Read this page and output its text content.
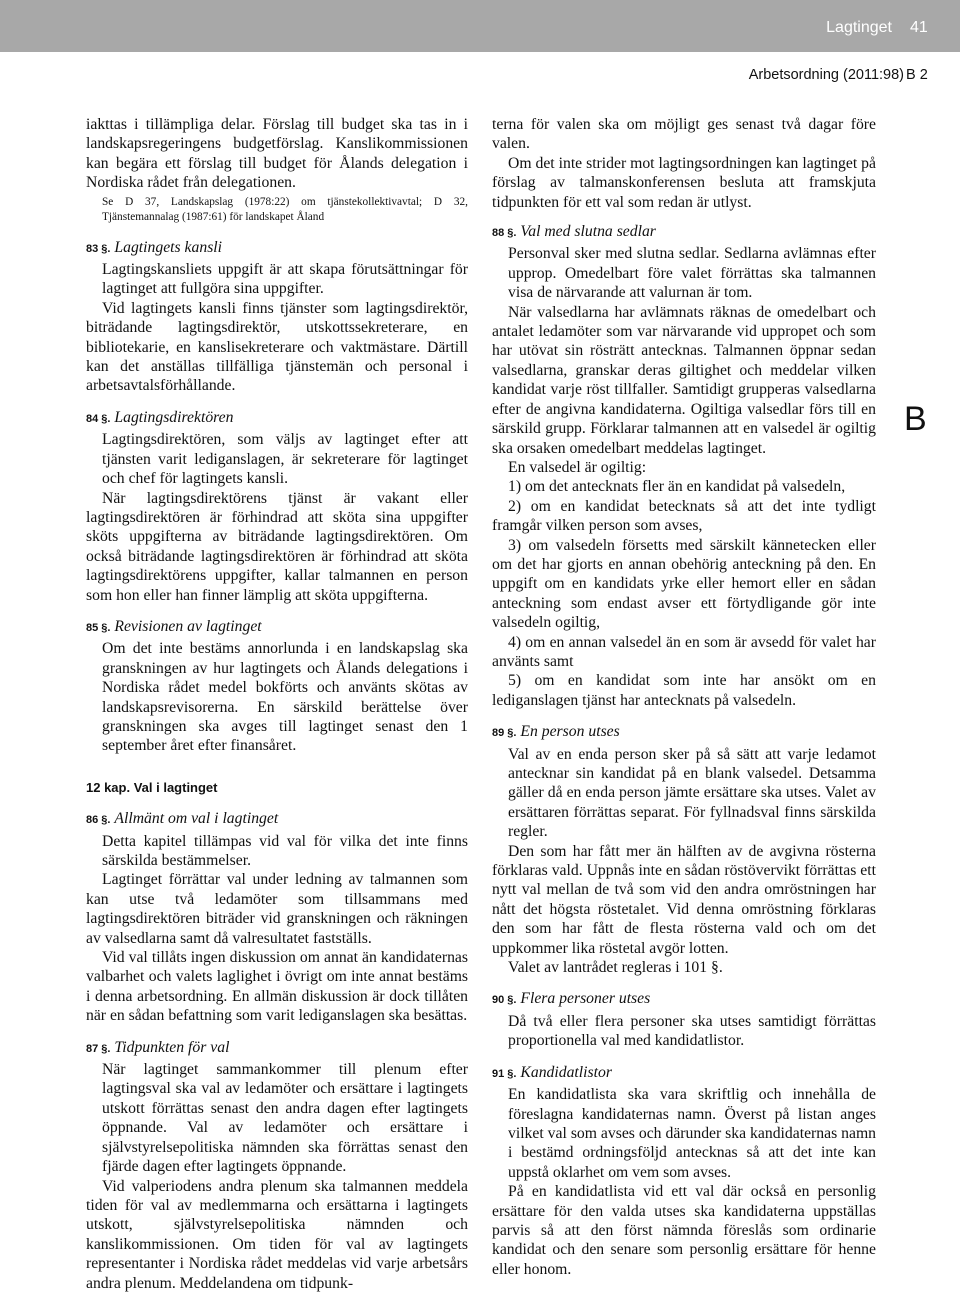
Lagtinget 41
Arbetsordning (2011:98) B 2
B

iakttas i tillämpliga delar. Förslag till budget ska tas in i landskapsregeringens budgetförslag. Kanslikommissionen kan begära ett förslag till budget för Ålands delegation i Nordiska rådet från delegationen.

Se D 37, Landskapslag (1978:22) om tjänstekollektivavtal; D 32, Tjänstemannalag (1987:61) för landskapet Åland

83 §. Lagtingets kansli

Lagtingskansliets uppgift är att skapa förutsättningar för lagtinget att fullgöra sina uppgifter.

Vid lagtingets kansli finns tjänster som lagtingsdirektör, biträdande lagtingsdirektör, utskottssekreterare, en bibliotekarie, en kanslisekreterare och vaktmästare. Därtill kan det anställas tillfälliga tjänstemän och personal i arbetsavtalsförhållande.

84 §. Lagtingsdirektören

Lagtingsdirektören, som väljs av lagtinget efter att tjänsten varit lediganslagen, är sekreterare för lagtinget och chef för lagtingets kansli.

När lagtingsdirektörens tjänst är vakant eller lagtingsdirektören är förhindrad att sköta sina uppgifter sköts uppgifterna av biträdande lagtingsdirektören. Om också biträdande lagtingsdirektören är förhindrad att sköta lagtingsdirektörens uppgifter, kallar talmannen en person som hon eller han finner lämplig att sköta uppgifterna.

85 §. Revisionen av lagtinget

Om det inte bestäms annorlunda i en landskapslag ska granskningen av hur lagtingets och Ålands delegations i Nordiska rådet medel bokförts och använts skötas av landskapsrevisorerna. En särskild berättelse över granskningen ska avges till lagtinget senast den 1 september året efter finansåret.

12 kap. Val i lagtinget
86 §. Allmänt om val i lagtinget

Detta kapitel tillämpas vid val för vilka det inte finns särskilda bestämmelser.

Lagtinget förrättar val under ledning av talmannen som kan utse två ledamöter som tillsammans med lagtingsdirektören biträder vid granskningen och räkningen av valsedlarna samt då valresultatet fastställs.

Vid val tillåts ingen diskussion om annat än kandidaternas valbarhet och valets laglighet i övrigt om inte annat bestäms i denna arbetsordning. En allmän diskussion är dock tillåten när en sådan befattning som varit lediganslagen ska besättas.

87 §. Tidpunkten för val

När lagtinget sammankommer till plenum efter lagtingsval ska val av ledamöter och ersättare i lagtingets utskott förrättas senast den andra dagen efter lagtingets öppnande. Val av ledamöter och ersättare i självstyrelsepolitiska nämnden ska förrättas senast den fjärde dagen efter lagtingets öppnande.

Vid valperiodens andra plenum ska talmannen meddela tiden för val av medlemmarna och ersättarna i lagtingets utskott, självstyrelsepolitiska nämnden och kanslikommissionen. Om tiden för val av lagtingets representanter i Nordiska rådet meddelas vid varje arbetsårs andra plenum. Meddelandena om tidpunk-

terna för valen ska om möjligt ges senast två dagar före valen.

Om det inte strider mot lagtingsordningen kan lagtinget på förslag av talmanskonferensen besluta att framskjuta tidpunkten för ett val som redan är utlyst.

88 §. Val med slutna sedlar

Personval sker med slutna sedlar. Sedlarna avlämnas efter upprop. Omedelbart före valet förrättas ska talmannen visa de närvarande att valurnan är tom.

När valsedlarna har avlämnats räknas de omedelbart och antalet ledamöter som var närvarande vid uppropet och som har utövat sin rösträtt antecknas. Talmannen öppnar sedan valsedlarna, granskar deras giltighet och meddelar vilken kandidat varje röst tillfaller. Samtidigt grupperas valsedlarna efter de angivna kandidaterna. Ogiltiga valsedlar förs till en särskild grupp. Förklarar talmannen att en valsedel är ogiltig ska orsaken omedelbart meddelas lagtinget.

En valsedel är ogiltig:

1) om det antecknats fler än en kandidat på valsedeln,

2) om en kandidat betecknats så att det inte tydligt framgår vilken person som avses,

3) om valsedeln försetts med särskilt kännetecken eller om det har gjorts en annan obehörig anteckning på den. En uppgift om en kandidats yrke eller hemort eller en sådan anteckning som endast avser ett förtydligande gör inte valsedeln ogiltig,

4) om en annan valsedel än en som är avsedd för valet har använts samt

5) om en kandidat som inte har ansökt om en lediganslagen tjänst har antecknats på valsedeln.

89 §. En person utses

Val av en enda person sker på så sätt att varje ledamot antecknar sin kandidat på en blank valsedel. Detsamma gäller då en enda person jämte ersättare ska utses. Valet av ersättaren förrättas separat. För fyllnadsval finns särskilda regler.

Den som har fått mer än hälften av de avgivna rösterna förklaras vald. Uppnås inte en sådan röstövervikt förrättas ett nytt val mellan de två som vid den andra omröstningen har nått det högsta röstetalet. Vid denna omröstning förklaras den som har fått de flesta rösterna vald och om det uppkommer lika röstetal avgör lotten.

Valet av lantrådet regleras i 101 §.

90 §. Flera personer utses

Då två eller flera personer ska utses samtidigt förrättas proportionella val med kandidatlistor.

91 §. Kandidatlistor

En kandidatlista ska vara skriftlig och innehålla de föreslagna kandidaternas namn. Överst på listan anges vilket val som avses och därunder ska kandidaternas namn i bestämd ordningsföljd antecknas så att det inte kan uppstå oklarhet om vem som avses.

På en kandidatlista vid ett val där också en personlig ersättare för den valda utses ska kandidaterna uppställas parvis så att den först nämnda föreslås som ordinarie kandidat och den senare som personlig ersättare för henne eller honom.
